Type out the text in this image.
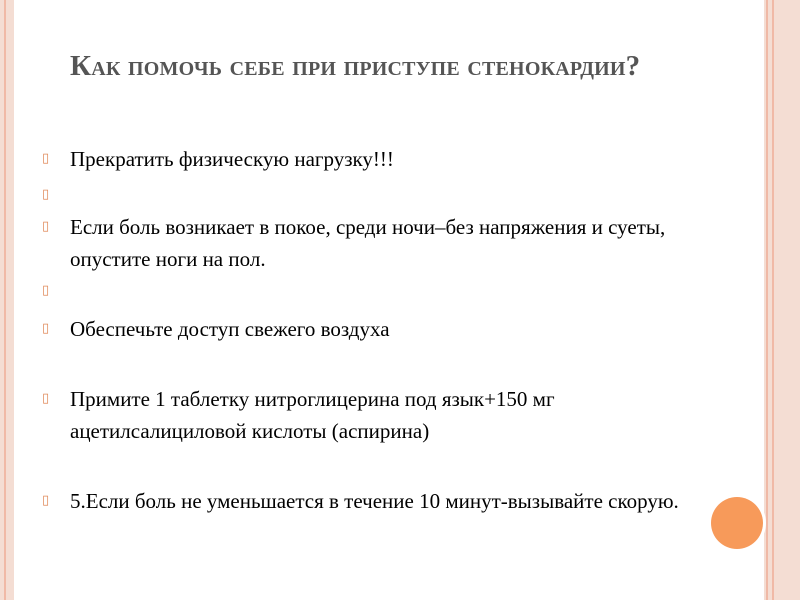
Как помочь себе при приступе стенокардии?
▯ Прекратить физическую нагрузку!!!
▯
▯ Если боль возникает в покое, среди ночи–без напряжения и суеты, опустите ноги на пол.
▯
▯ Обеспечьте доступ свежего воздуха
▯ Примите 1 таблетку нитроглицерина под язык+150 мг ацетилсалициловой кислоты (аспирина)
▯ 5.Если боль не уменьшается в течение 10 минут-вызывайте скорую.
